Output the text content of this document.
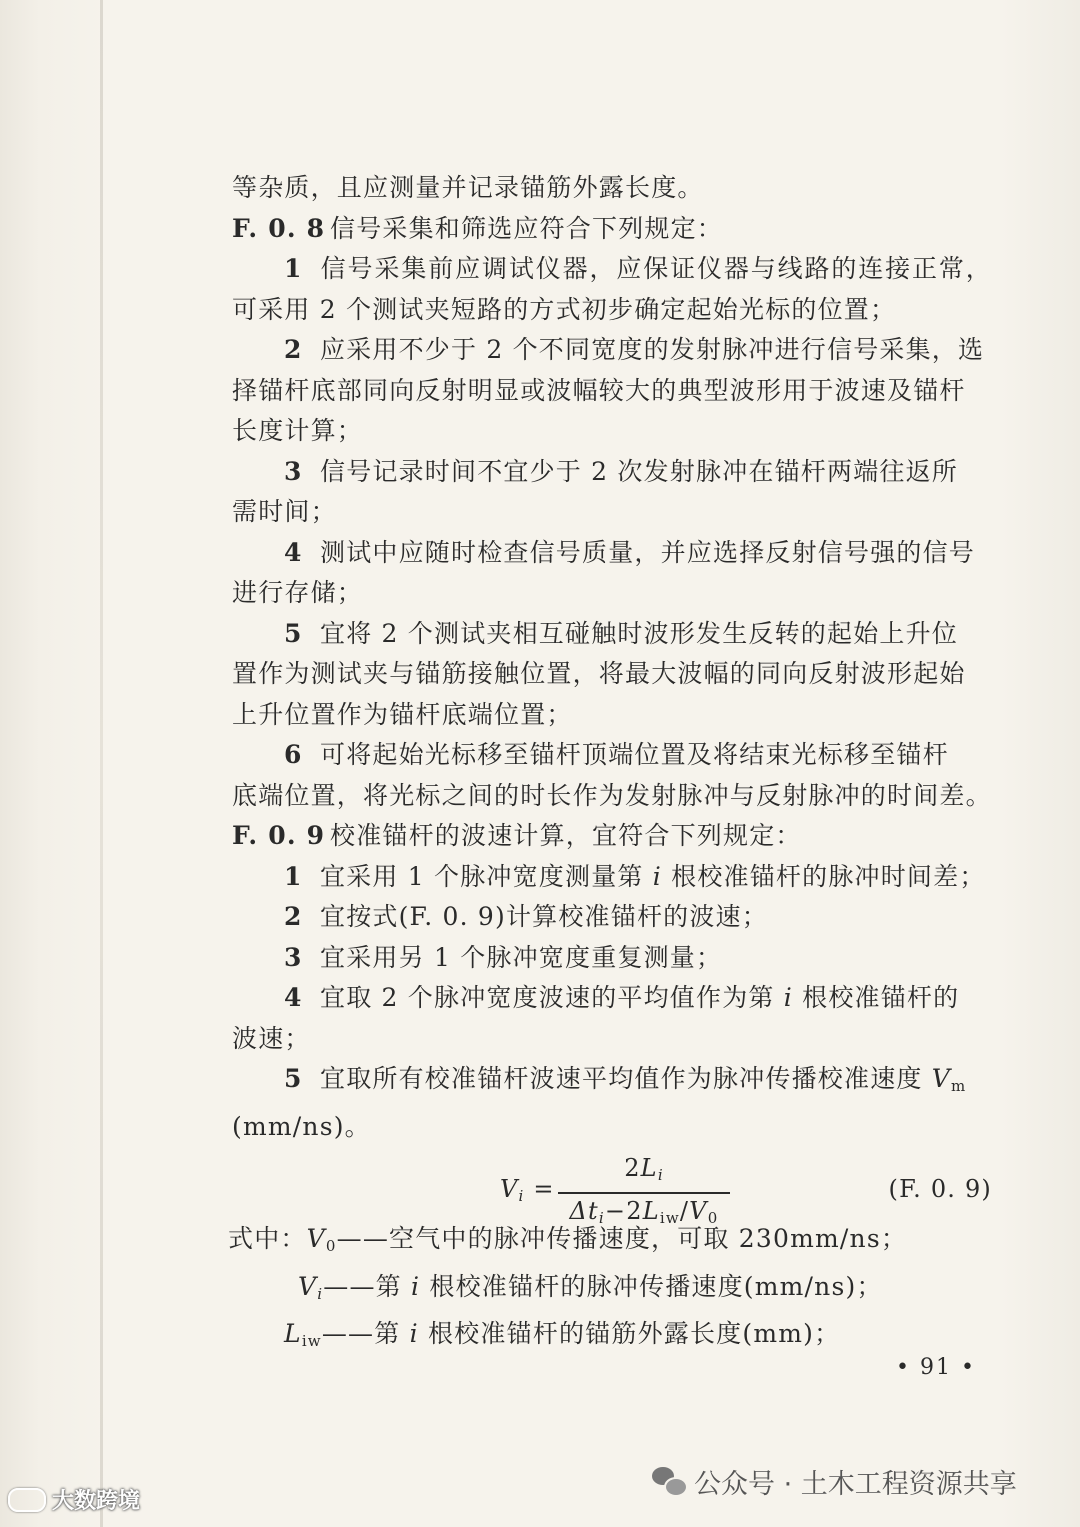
等杂质，且应测量并记录锚筋外露长度。
F. 0. 8 信号采集和筛选应符合下列规定：
1 信号采集前应调试仪器，应保证仪器与线路的连接正常，
可采用 2 个测试夹短路的方式初步确定起始光标的位置；
2 应采用不少于 2 个不同宽度的发射脉冲进行信号采集，选
择锚杆底部同向反射明显或波幅较大的典型波形用于波速及锚杆
长度计算；
3 信号记录时间不宜少于 2 次发射脉冲在锚杆两端往返所
需时间；
4 测试中应随时检查信号质量，并应选择反射信号强的信号
进行存储；
5 宜将 2 个测试夹相互碰触时波形发生反转的起始上升位
置作为测试夹与锚筋接触位置，将最大波幅的同向反射波形起始
上升位置作为锚杆底端位置；
6 可将起始光标移至锚杆顶端位置及将结束光标移至锚杆
底端位置，将光标之间的时长作为发射脉冲与反射脉冲的时间差。
F. 0. 9 校准锚杆的波速计算，宜符合下列规定：
1 宜采用 1 个脉冲宽度测量第 i 根校准锚杆的脉冲时间差；
2 宜按式(F. 0. 9)计算校准锚杆的波速；
3 宜采用另 1 个脉冲宽度重复测量；
4 宜取 2 个脉冲宽度波速的平均值作为第 i 根校准锚杆的
波速；
5 宜取所有校准锚杆波速平均值作为脉冲传播校准速度 $V_m$
(mm/ns)。
$V_i$ =
$2L_i$
$\Delta t_i-2L_{iw}/V_0$
(F. 0. 9)
式中：$V_0——$空气中的脉冲传播速度，可取 230mm/ns；
$V_i——$第 i 根校准锚杆的脉冲传播速度(mm/ns)；
$L_{iw}——$第 i 根校准锚杆的锚筋外露长度(mm)；
• 91 •
公众号 · 土木工程资源共享
大数跨境
